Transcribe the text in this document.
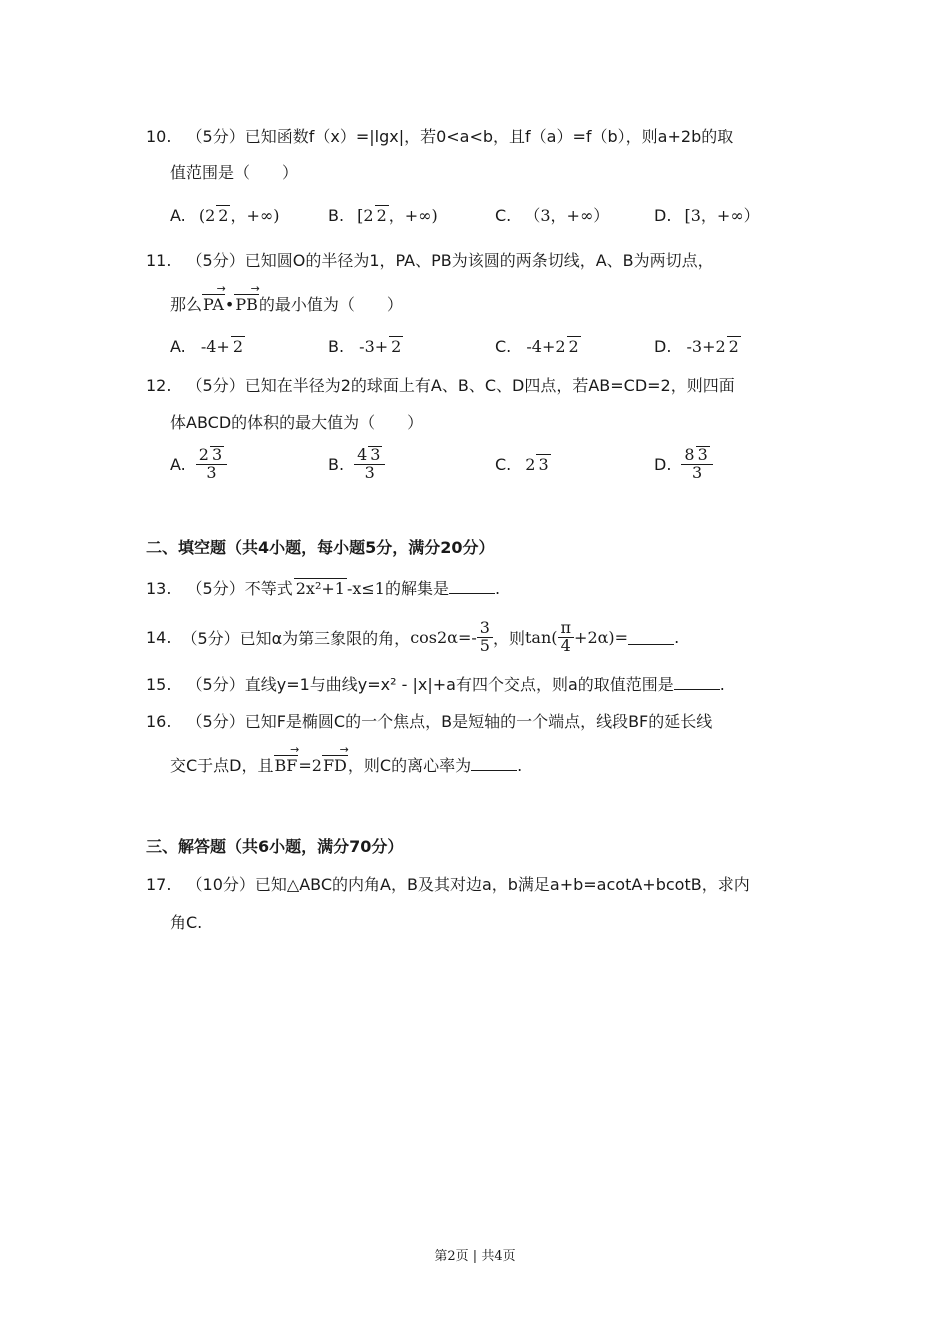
10. （5分）已知函数f（x）=|lgx|，若0<a<b，且f（a）=f（b），则a+2b的取
值范围是（　　）
A. (2 2 ，+∞)	B. [2 2 ，+∞)	C. （3，+∞）	D. [3，+∞）
11. （5分）已知圆O的半径为1，PA、PB为该圆的两条切线，A、B为两切点，
那么→ PA•→ PB的最小值为（　　）
A. -4+ 2	B. -3+ 2	C. -4+2 2	D. -3+2 2
12. （5分）已知在半径为2的球面上有A、B、C、D四点，若AB=CD=2，则四面
体ABCD的体积的最大值为（　　）
A. $\frac{2 3}{3}$	B. $\frac{4 3}{3}$	C. 2 3	D. $\frac{8 3}{3}$
二、填空题（共4小题，每小题5分，满分20分）
13. （5分）不等式 2x²+1 -x≤1的解集是	.
14. （5分）已知α为第三象限的角， $\cos 2\alpha=- \frac{3}{5}$ ，则 $\tan( \frac{\pi}{4} +2\alpha)=$	.
15. （5分）直线y=1与曲线y=x² - |x|+a有四个交点，则a的取值范围是	.
16. （5分）已知F是椭圆C的一个焦点，B是短轴的一个端点，线段BF的延长线
交C于点D，且→ BF=2→ FD，则C的离心率为	.
三、解答题（共6小题，满分70分）
17. （10分）已知△ABC的内角A，B及其对边a，b满足a+b=acotA+bcotB，求内
角C.
第2页 | 共4页
